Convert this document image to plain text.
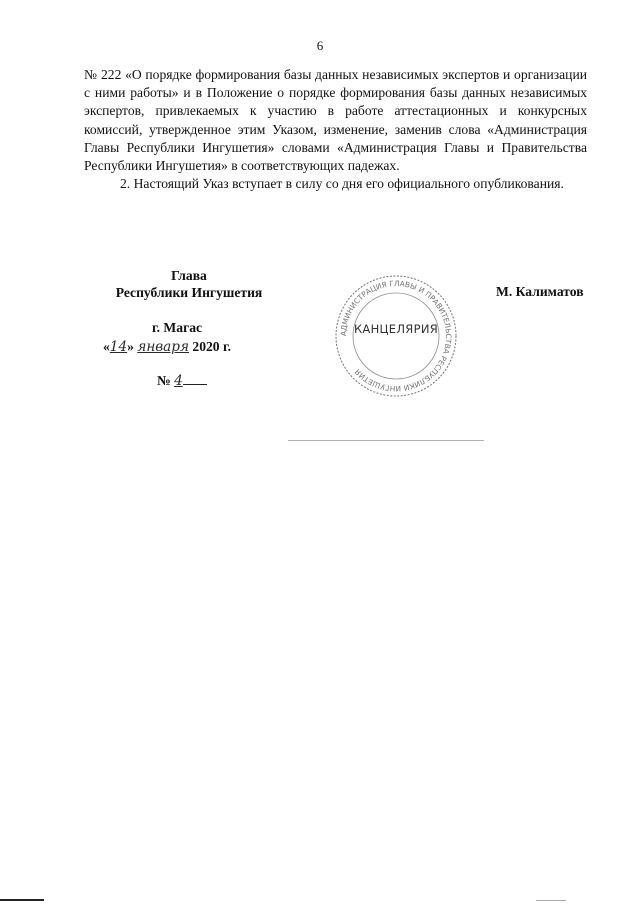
6

№ 222 «О порядке формирования базы данных независимых экспертов и организации с ними работы» и в Положение о порядке формирования базы данных независимых экспертов, привлекаемых к участию в работе аттестационных и конкурсных комиссий, утвержденное этим Указом, изменение, заменив слова «Администрация Главы Республики Ингушетия» словами «Администрация Главы и Правительства Республики Ингушетия» в соответствующих падежах.

2. Настоящий Указ вступает в силу со дня его официального опубликования.

Глава
Республики Ингушетия	М. Калиматов
г. Магас
«14» января 2020 г.
№ 4
АДМИНИСТРАЦИЯ ГЛАВЫ И ПРАВИТЕЛЬСТВА РЕСПУБЛИКИ ИНГУШЕТИЯ
КАНЦЕЛЯРИЯ
